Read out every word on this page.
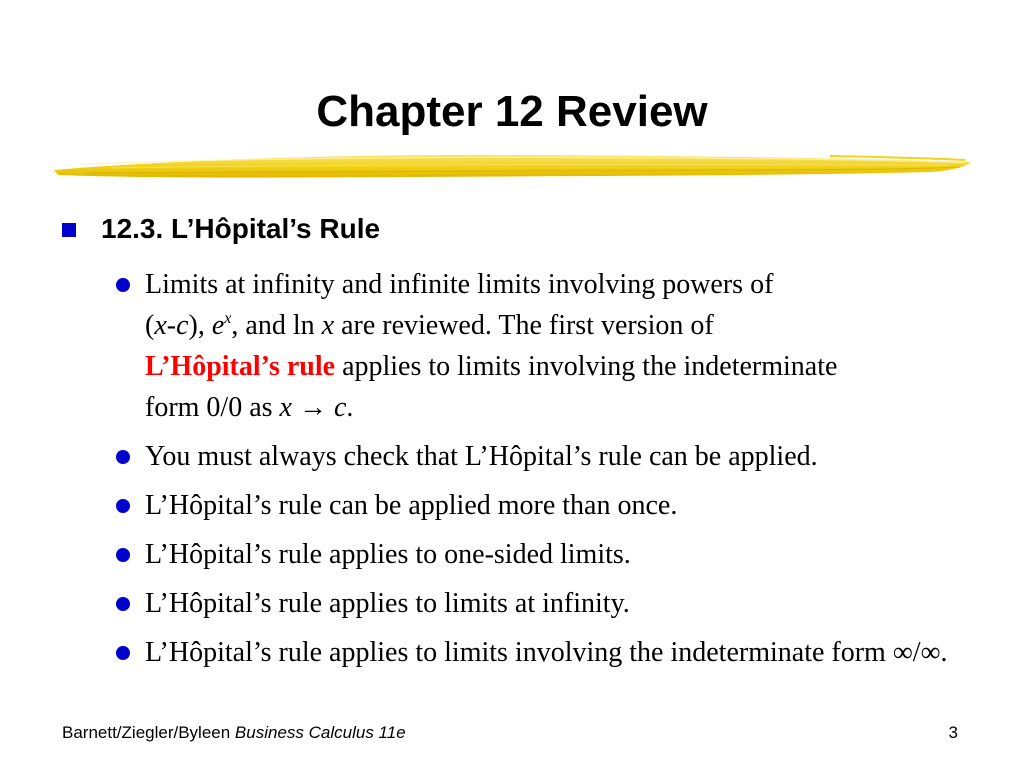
Chapter 12 Review
12.3. L’Hôpital’s Rule
Limits at infinity and infinite limits involving powers of
(x-c), $e^x$, and ln x are reviewed. The first version of
L’Hôpital’s rule applies to limits involving the indeterminate
form 0/0 as x → c.
You must always check that L’Hôpital’s rule can be applied.
L’Hôpital’s rule can be applied more than once.
L’Hôpital’s rule applies to one-sided limits.
L’Hôpital’s rule applies to limits at infinity.
L’Hôpital’s rule applies to limits involving the indeterminate form ∞/∞.
Barnett/Ziegler/Byleen Business Calculus 11e	3
